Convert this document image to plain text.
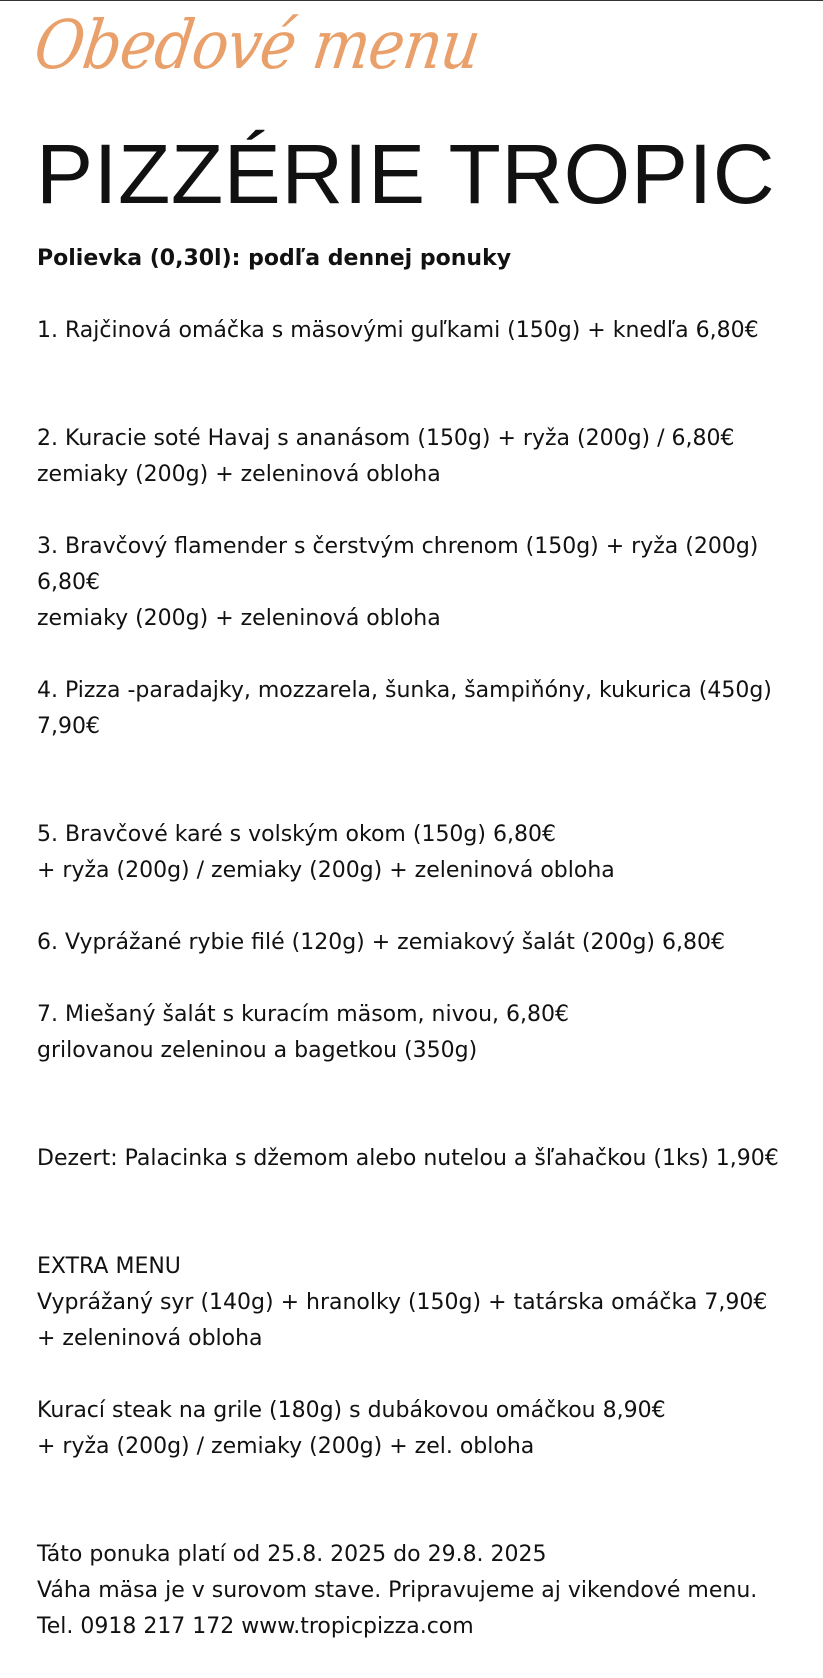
Obedové menu
PIZZÉRIE TROPIC
Polievka (0,30l): podľa dennej ponuky
1. Rajčinová omáčka s mäsovými guľkami (150g) + knedľa 6,80€
2. Kuracie soté Havaj s ananásom (150g) + ryža (200g) / 6,80€
zemiaky (200g) + zeleninová obloha
3. Bravčový flamender s čerstvým chrenom (150g) + ryža (200g)
6,80€
zemiaky (200g) + zeleninová obloha
4. Pizza -paradajky, mozzarela, šunka, šampiňóny, kukurica (450g)
7,90€
5. Bravčové karé s volským okom (150g) 6,80€
+ ryža (200g) / zemiaky (200g) + zeleninová obloha
6. Vyprážané rybie filé (120g) + zemiakový šalát (200g) 6,80€
7. Miešaný šalát s kuracím mäsom, nivou, 6,80€
grilovanou zeleninou a bagetkou (350g)
Dezert: Palacinka s džemom alebo nutelou a šľahačkou (1ks) 1,90€
EXTRA MENU
Vyprážaný syr (140g) + hranolky (150g) + tatárska omáčka 7,90€
+ zeleninová obloha
Kurací steak na grile (180g) s dubákovou omáčkou 8,90€
+ ryža (200g) / zemiaky (200g) + zel. obloha
Táto ponuka platí od 25.8. 2025 do 29.8. 2025
Váha mäsa je v surovom stave. Pripravujeme aj vikendové menu.
Tel. 0918 217 172 www.tropicpizza.com
